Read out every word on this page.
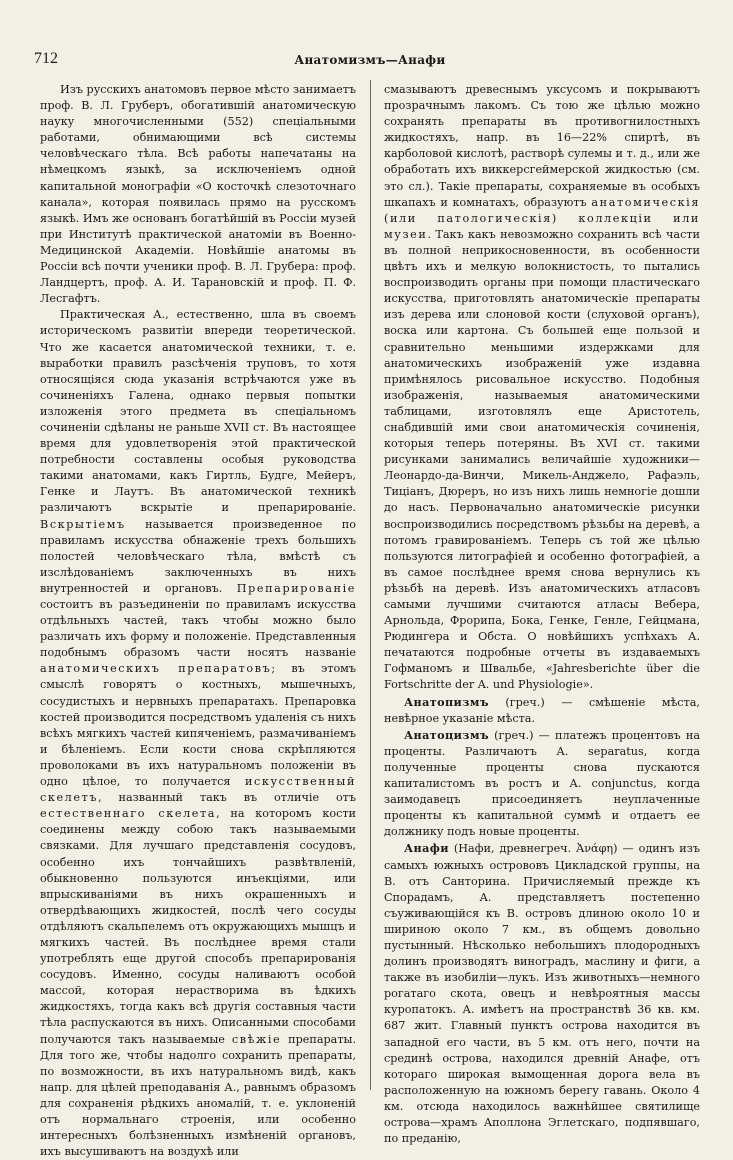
712	Анатомизмъ—Анафи

Изъ русскихъ анатомовъ первое мѣсто занимаетъ проф. В. Л. Груберъ, обогатившій анатомическую науку многочисленными (552) спеціальными работами, обнимающими всѣ системы человѣческаго тѣла. Всѣ работы напечатаны на нѣмецкомъ языкѣ, за исключеніемъ одной капитальной монографіи «О косточкѣ слезоточнаго канала», которая появилась прямо на русскомъ языкѣ. Имъ же основанъ богатѣйшій въ Россіи музей при Институтѣ практической анатоміи въ Военно-Медицинской Академіи. Новѣйшіе анатомы въ Россіи всѣ почти ученики проф. В. Л. Грубера: проф. Ландцертъ, проф. А. И. Тарановскій и проф. П. Ф. Лесгафтъ.

Практическая А., естественно, шла въ своемъ историческомъ развитіи впереди теоретической. Что же касается анатомической техники, т. е. выработки правилъ разсѣченія труповъ, то хотя относящіяся сюда указанія встрѣчаются уже въ сочиненіяхъ Галена, однако первыя попытки изложенія этого предмета въ спеціальномъ сочиненіи сдѣланы не раньше XVII ст. Въ настоящее время для удовлетворенія этой практической потребности составлены особыя руководства такими анатомами, какъ Гиртль, Будге, Мейеръ, Генке и Лаутъ. Въ анатомической техникѣ различаютъ вскрытіе и препарированіе. Вскрытіемъ называется произведенное по правиламъ искусства обнаженіе трехъ большихъ полостей человѣческаго тѣла, вмѣстѣ съ изслѣдованіемъ заключенныхъ въ нихъ внутренностей и органовъ. Препарированіе состоитъ въ разъединеніи по правиламъ искусства отдѣльныхъ частей, такъ чтобы можно было различать ихъ форму и положеніе. Представленныя подобнымъ образомъ части носятъ названіе анатомическихъ препаратовъ; въ этомъ смыслѣ говорятъ о костныхъ, мышечныхъ, сосудистыхъ и нервныхъ препаратахъ. Препаровка костей производится посредствомъ удаленія съ нихъ всѣхъ мягкихъ частей кипяченіемъ, размачиваніемъ и бѣленіемъ. Если кости снова скрѣпляются проволоками въ ихъ натуральномъ положеніи въ одно цѣлое, то получается искусственный скелетъ, названный такъ въ отличіе отъ естественнаго скелета, на которомъ кости соединены между собою такъ называемыми связками. Для лучшаго представленія сосудовъ, особенно ихъ тончайшихъ развѣтвленій, обыкновенно пользуются инъекціями, или впрыскиваніями въ нихъ окрашенныхъ и отвердѣвающихъ жидкостей, послѣ чего сосуды отдѣляютъ скальпелемъ отъ окружающихъ мышцъ и мягкихъ частей. Въ послѣднее время стали употреблять еще другой способъ препарированія сосудовъ. Именно, сосуды наливаютъ особой массой, которая нерастворима въ ѣдкихъ жидкостяхъ, тогда какъ всѣ другія составныя части тѣла распускаются въ нихъ. Описанными способами получаются такъ называемые свѣжіе препараты. Для того же, чтобы надолго сохранить препараты, по возможности, въ ихъ натуральномъ видѣ, какъ напр. для цѣлей преподаванія А., равнымъ образомъ для сохраненія рѣдкихъ аномалій, т. е. уклоненій отъ нормальнаго строенія, или особенно интересныхъ болѣзненныхъ измѣненій органовъ, ихъ высушиваютъ на воздухѣ или

смазываютъ древеснымъ уксусомъ и покрываютъ прозрачнымъ лакомъ. Съ тою же цѣлью можно сохранять препараты въ противогнилостныхъ жидкостяхъ, напр. въ 16—22% спиртѣ, въ карболовой кислотѣ, растворѣ сулемы и т. д., или же обработать ихъ виккерсгеймерской жидкостью (см. это сл.). Такіе препараты, сохраняемые въ особыхъ шкапахъ и комнатахъ, образуютъ анатомическія (или патологическія) коллекціи или музеи. Такъ какъ невозможно сохранить всѣ части въ полной неприкосновенности, въ особенности цвѣтъ ихъ и мелкую волокнистость, то пытались воспроизводить органы при помощи пластическаго искусства, приготовлять анатомическіе препараты изъ дерева или слоновой кости (слуховой органъ), воска или картона. Съ большей еще пользой и сравнительно меньшими издержками для анатомическихъ изображеній уже издавна примѣнялось рисовальное искусство. Подобныя изображенія, называемыя анатомическими таблицами, изготовлялъ еще Аристотель, снабдившій ими свои анатомическія сочиненія, которыя теперь потеряны. Въ XVI ст. такими рисунками занимались величайшіе художники—Леонардо-да-Винчи, Микель-Анджело, Рафаэль, Тиціанъ, Дюреръ, но изъ нихъ лишь немногіе дошли до насъ. Первоначально анатомическіе рисунки воспроизводились посредствомъ рѣзьбы на деревѣ, а потомъ гравированіемъ. Теперь съ той же цѣлью пользуются литографіей и особенно фотографіей, а въ самое послѣднее время снова вернулись къ рѣзьбѣ на деревѣ. Изъ анатомическихъ атласовъ самыми лучшими считаются атласы Вебера, Арнольда, Фрорипа, Бока, Генке, Генле, Гейцмана, Рюдингера и Обста. О новѣйшихъ успѣхахъ А. печатаются подробные отчеты въ издаваемыхъ Гофманомъ и Швальбе, «Jahresberichte über die Fortschritte der A. und Physiologie».

Анатопизмъ (греч.) — смѣшеніе мѣста, невѣрное указаніе мѣста.

Анатоцизмъ (греч.) — платежъ процентовъ на проценты. Различаютъ А. separatus, когда полученные проценты снова пускаются капиталистомъ въ ростъ и А. conjunctus, когда заимодавецъ присоединяетъ неуплаченные проценты къ капитальной суммѣ и отдаетъ ее должнику подъ новые проценты.

Анафи (Нафи, древнегреч. Ἀνάφη) — одинъ изъ самыхъ южныхъ острововъ Цикладской группы, на В. отъ Санторина. Причисляемый прежде къ Спорадамъ, А. представляетъ постепенно съуживающійся къ В. островъ длиною около 10 и шириною около 7 км., въ общемъ довольно пустынный. Нѣсколько небольшихъ плодородныхъ долинъ производятъ виноградъ, маслину и фиги, а также въ изобиліи—лукъ. Изъ животныхъ—немного рогатаго скота, овецъ и невѣроятныя массы куропатокъ. А. имѣетъ на пространствѣ 36 кв. км. 687 жит. Главный пунктъ острова находится въ западной его части, въ 5 км. отъ него, почти на срединѣ острова, находился древній Анафе, отъ котораго широкая вымощенная дорога вела въ расположенную на южномъ берегу гавань. Около 4 км. отсюда находилось важнѣйшее святилище острова—храмъ Аполлона Эглетскаго, подпявшаго, по преданію,
